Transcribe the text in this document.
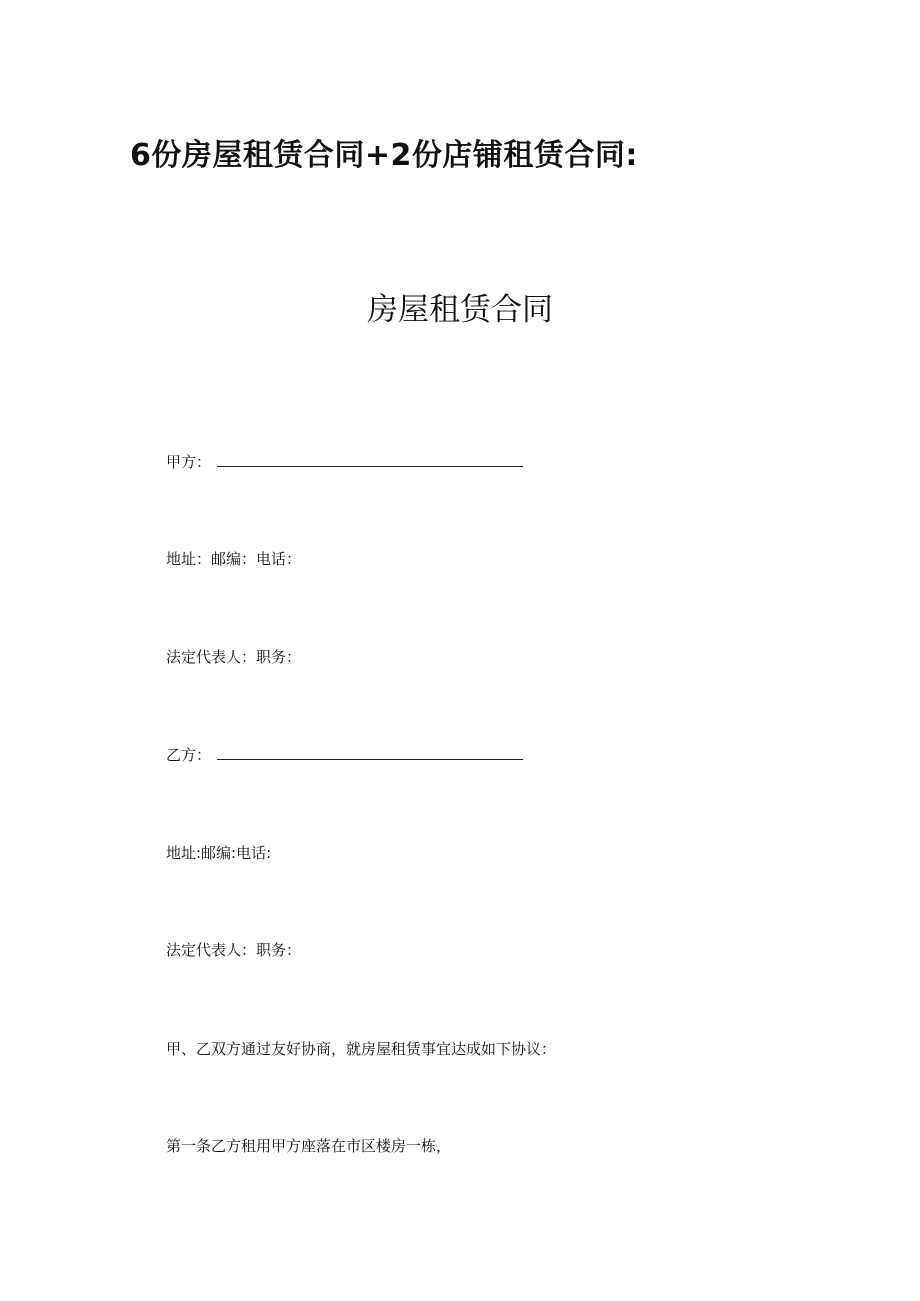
6份房屋租赁合同+2份店铺租赁合同:
房屋租赁合同
甲方：
地址：邮编：电话：
法定代表人：职务：
乙方：
地址:邮编:电话:
法定代表人：职务：
甲、乙双方通过友好协商，就房屋租赁事宜达成如下协议：
第一条乙方租用甲方座落在市区楼房一栋，
